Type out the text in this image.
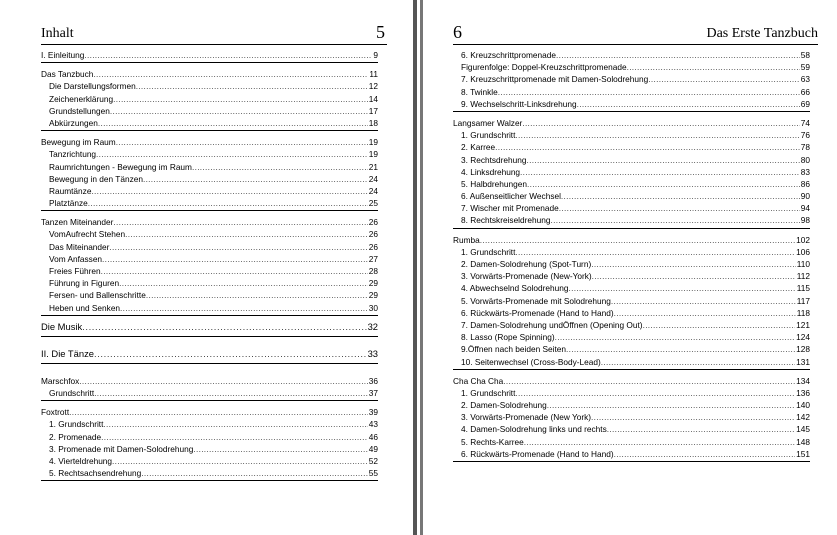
Inhalt	5
I. Einleitung . . .	9
Das Tanzbuch . . .	11
Die Darstellungsformen . . .	12
Zeichenerklärung . . .	14
Grundstellungen . . .	17
Abkürzungen . . .	18
Bewegung im Raum . . .	19
Tanzrichtung . . .	19
Raumrichtungen - Bewegung im Raum . . .	21
Bewegung in den Tänzen . . .	24
Raumtänze . . .	24
Platztänze . . .	25
Tanzen Miteinander . . .	26
VomAufrecht Stehen . . .	26
Das Miteinander . . .	26
Vom Anfassen . . .	27
Freies Führen . . .	28
Führung in Figuren . . .	29
Fersen- und Ballenschritte . . .	29
Heben und Senken . . .	30
Die Musik . . .	32
II. Die Tänze . . .	33
Marschfox . . .	36
Grundschritt . . .	37
Foxtrott . . .	39
1. Grundschritt . . .	43
2. Promenade . . .	46
3. Promenade mit Damen-Solodrehung . . .	49
4. Vierteldrehung . . .	52
5. Rechtsachsendrehung . . .	55
6	Das Erste Tanzbuch
6. Kreuzschrittpromenade . . .	58
Figurenfolge: Doppel-Kreuzschrittpromenade . . .	59
7. Kreuzschrittpromenade mit Damen-Solodrehung . . .	63
8. Twinkle . . .	66
9. Wechselschritt-Linksdrehung . . .	69
Langsamer Walzer . . .	74
1. Grundschritt . . .	76
2. Karree . . .	78
3. Rechtsdrehung . . .	80
4. Linksdrehung . . .	83
5. Halbdrehungen . . .	86
6. Außenseitlicher Wechsel . . .	90
7. Wischer mit Promenade . . .	94
8. Rechtskreiseldrehung . . .	98
Rumba . . .	102
1. Grundschritt . . .	106
2. Damen-Solodrehung (Spot-Turn) . . .	110
3. Vorwärts-Promenade (New-York) . . .	112
4. Abwechselnd Solodrehung . . .	115
5. Vorwärts-Promenade mit Solodrehung . . .	117
6. Rückwärts-Promenade (Hand to Hand) . . .	118
7. Damen-Solodrehung undÖffnen (Opening Out) . . .	121
8. Lasso (Rope Spinning) . . .	124
9.Öffnen nach beiden Seiten . . .	128
10. Seitenwechsel (Cross-Body-Lead) . . .	131
Cha Cha Cha . . .	134
1. Grundschritt . . .	136
2. Damen-Solodrehung . . .	140
3. Vorwärts-Promenade (New York) . . .	142
4. Damen-Solodrehung links und rechts . . .	145
5. Rechts-Karree . . .	148
6. Rückwärts-Promenade (Hand to Hand) . . .	151
